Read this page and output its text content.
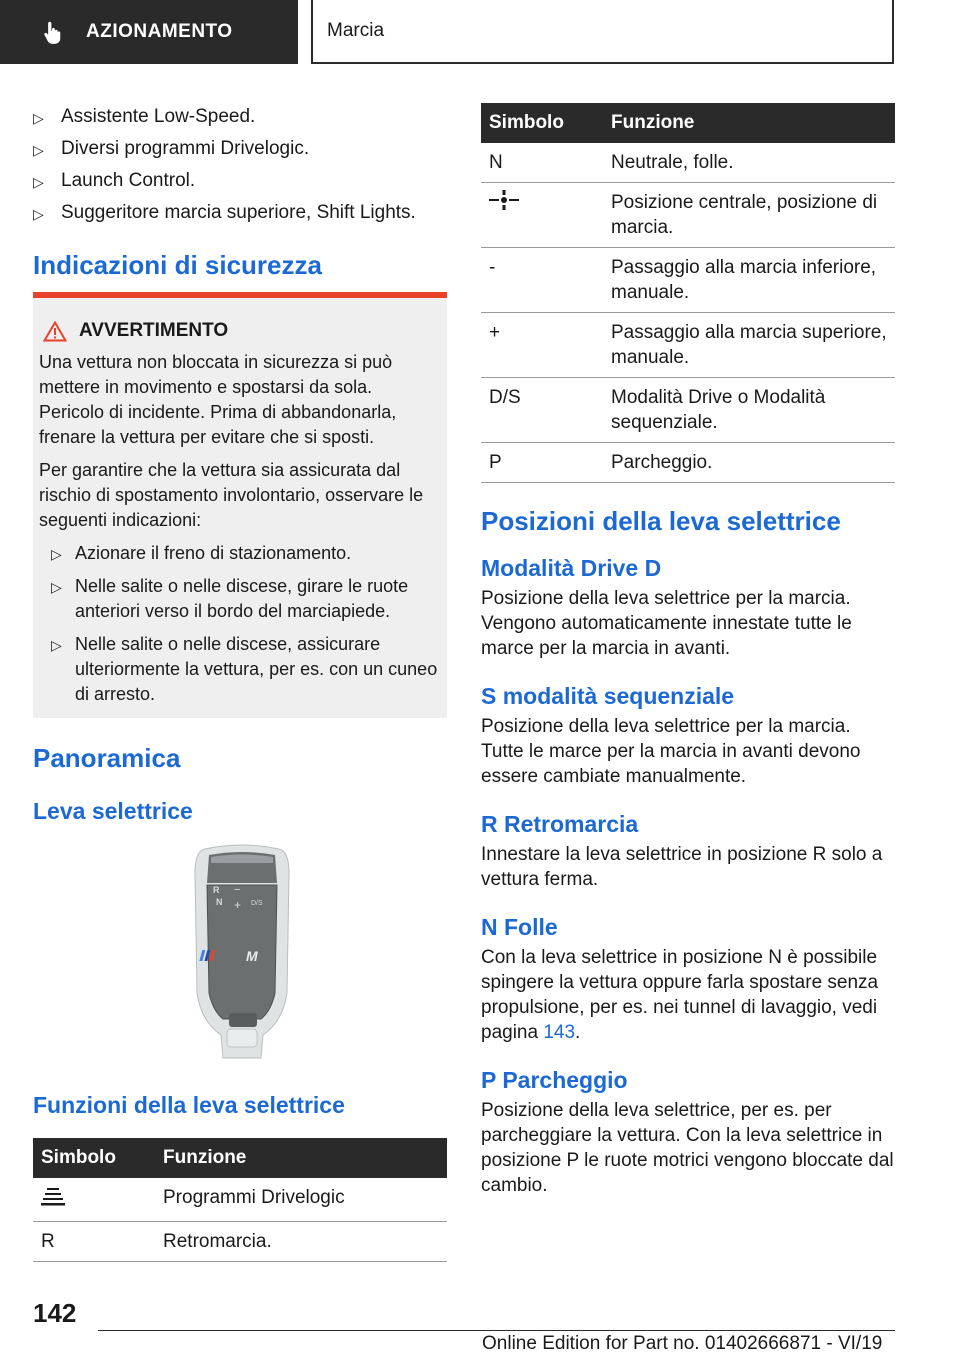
AZIONAMENTO	Marcia
▷ Assistente Low-Speed.
▷ Diversi programmi Drivelogic.
▷ Launch Control.
▷ Suggeritore marcia superiore, Shift Lights.
Indicazioni di sicurezza
AVVERTIMENTO

Una vettura non bloccata in sicurezza si può mettere in movimento e spostarsi da sola. Pericolo di incidente. Prima di abbandonarla, frenare la vettura per evitare che si sposti.

Per garantire che la vettura sia assicurata dal rischio di spostamento involontario, osservare le seguenti indicazioni:

▷ Azionare il freno di stazionamento.
▷ Nelle salite o nelle discese, girare le ruote anteriori verso il bordo del marciapiede.
▷ Nelle salite o nelle discese, assicurare ulteriormente la vettura, per es. con un cuneo di arresto.
Panoramica
Leva selettrice
R
N
−
+ D/S
M
Funzioni della leva selettrice
Simbolo	Funzione
	Programmi Drivelogic
R	Retromarcia.
Simbolo	Funzione
N	Neutrale, folle.
	Posizione centrale, posizione di marcia.
-	Passaggio alla marcia inferiore, manuale.
+	Passaggio alla marcia superiore, manuale.
D/S	Modalità Drive o Modalità sequenziale.
P	Parcheggio.
Posizioni della leva selettrice
Modalità Drive D

Posizione della leva selettrice per la marcia. Vengono automaticamente innestate tutte le marce per la marcia in avanti.

S modalità sequenziale

Posizione della leva selettrice per la marcia. Tutte le marce per la marcia in avanti devono essere cambiate manualmente.

R Retromarcia

Innestare la leva selettrice in posizione R solo a vettura ferma.

N Folle

Con la leva selettrice in posizione N è possibile spingere la vettura oppure farla spostare senza propulsione, per es. nei tunnel di lavaggio, vedi pagina 143.

P Parcheggio

Posizione della leva selettrice, per es. per parcheggiare la vettura. Con la leva selettrice in posizione P le ruote motrici vengono bloccate dal cambio.

142
Online Edition for Part no. 01402666871 - VI/19
